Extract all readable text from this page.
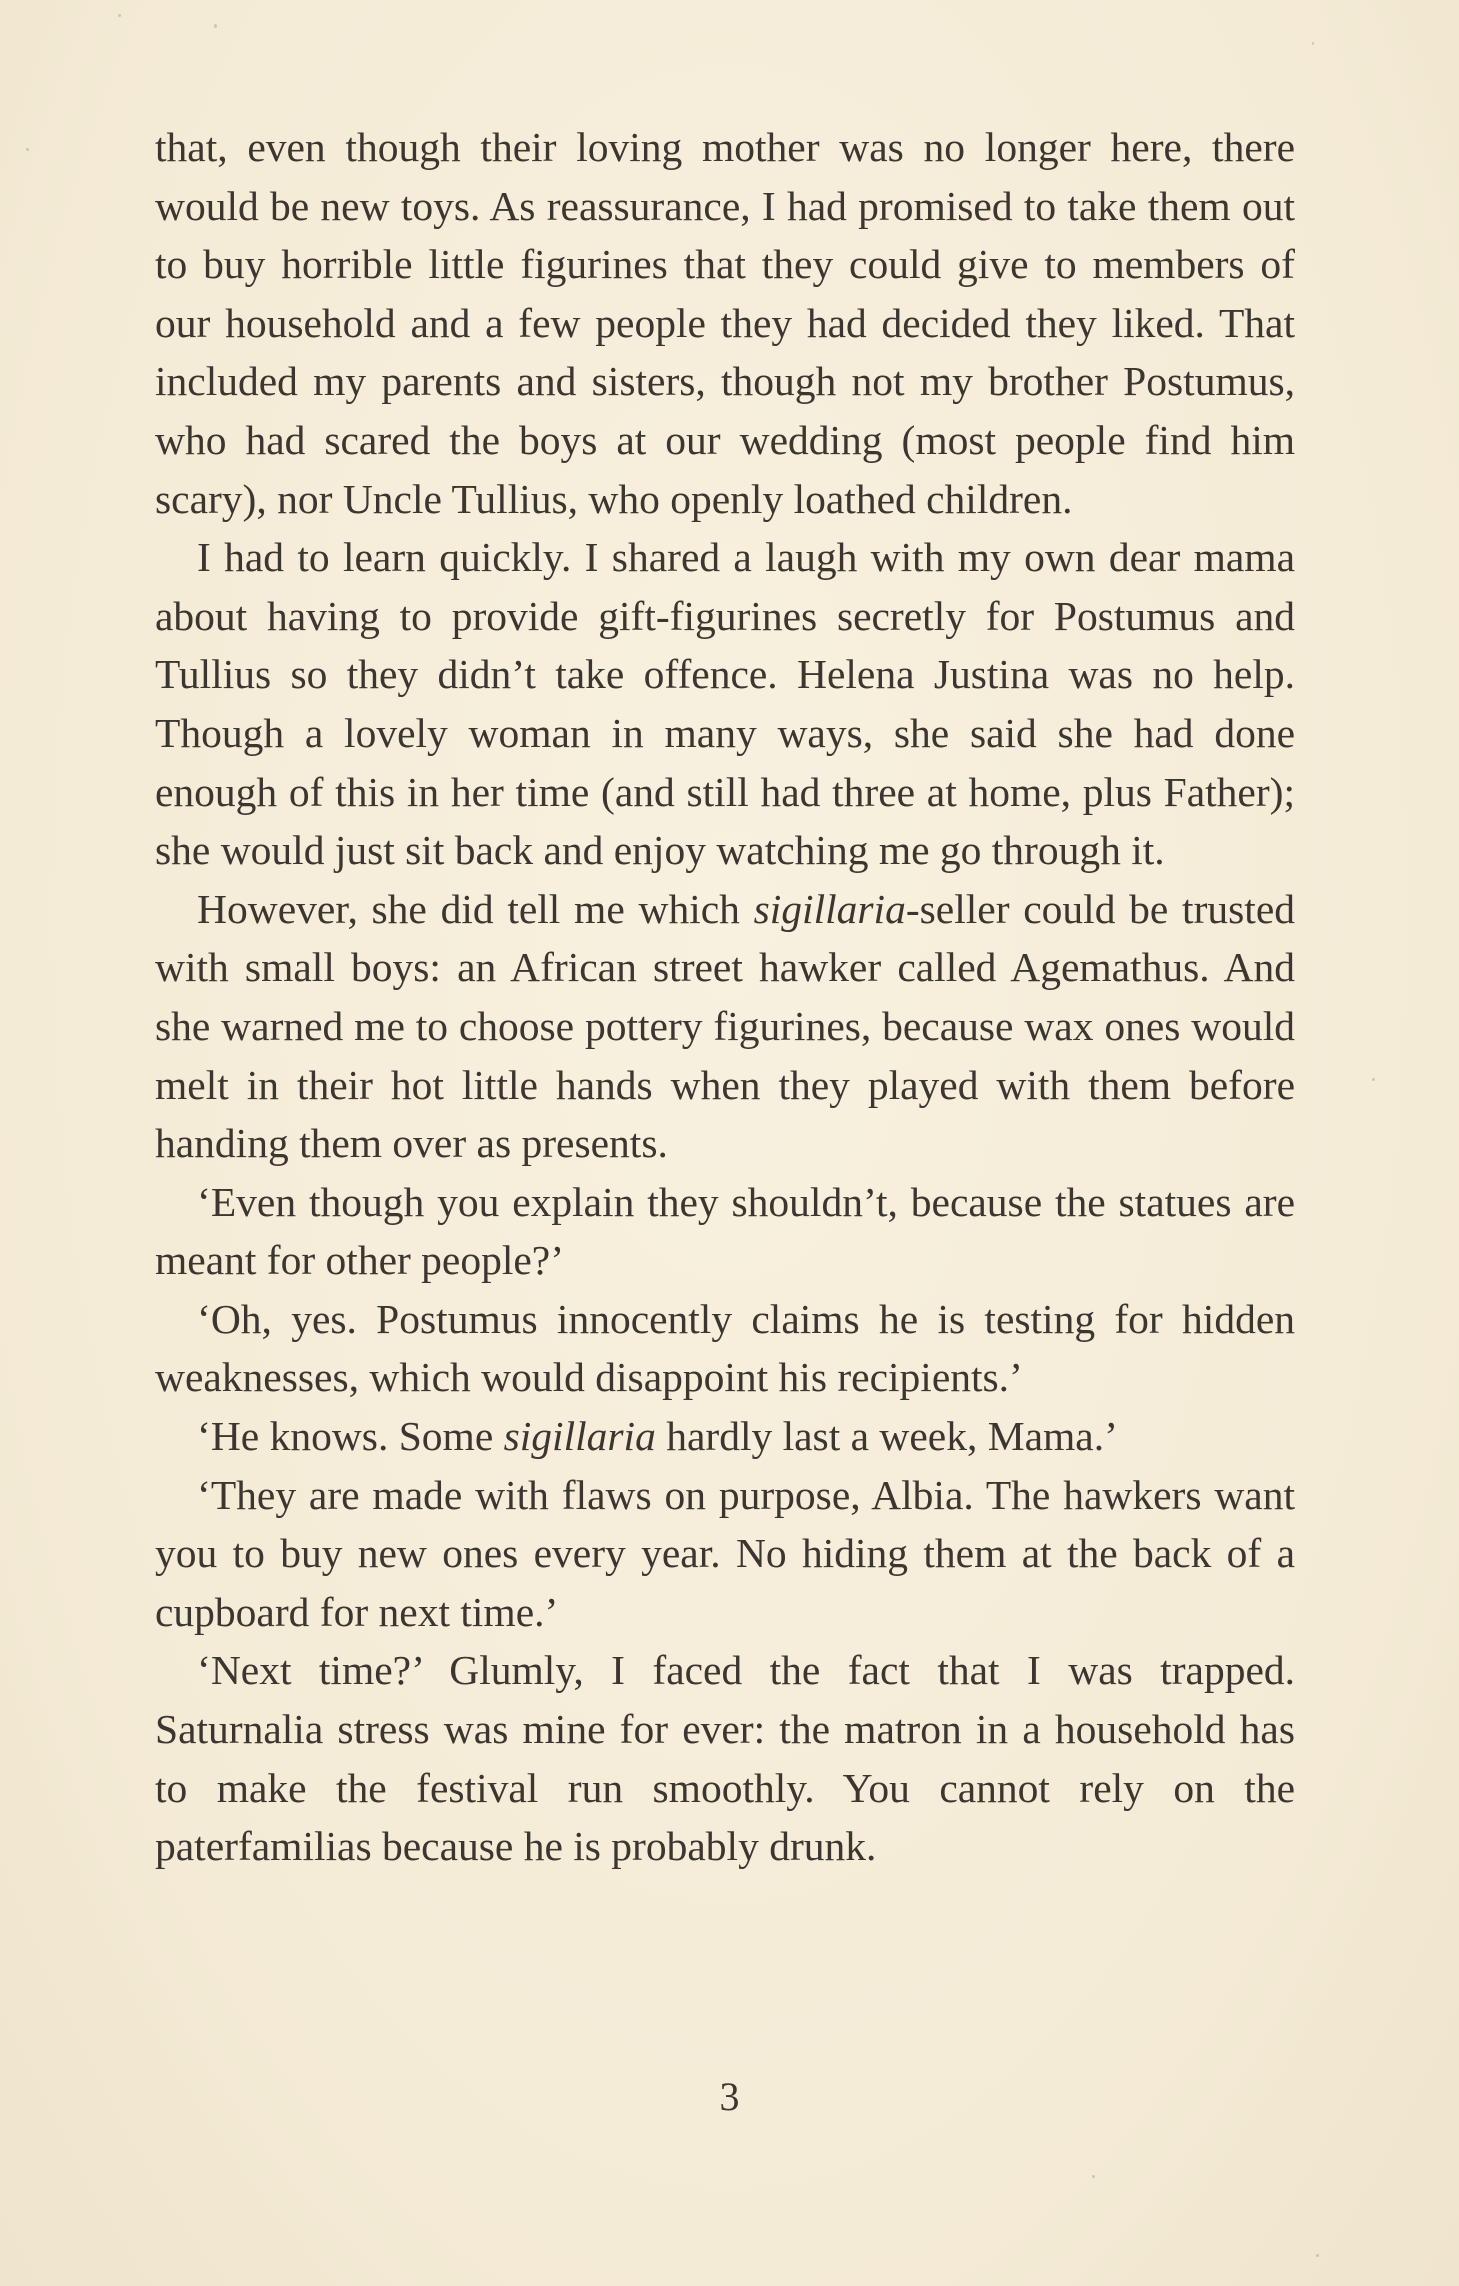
that, even though their loving mother was no longer here, there would be new toys. As reassurance, I had promised to take them out to buy horrible little figurines that they could give to members of our household and a few people they had decided they liked. That included my parents and sisters, though not my brother Postumus, who had scared the boys at our wedding (most people find him scary), nor Uncle Tullius, who openly loathed children.

I had to learn quickly. I shared a laugh with my own dear mama about having to provide gift-figurines secretly for Postumus and Tullius so they didn’t take offence. Helena Justina was no help. Though a lovely woman in many ways, she said she had done enough of this in her time (and still had three at home, plus Father); she would just sit back and enjoy watching me go through it.

However, she did tell me which sigillaria-seller could be trusted with small boys: an African street hawker called Agemathus. And she warned me to choose pottery figurines, because wax ones would melt in their hot little hands when they played with them before handing them over as presents.

‘Even though you explain they shouldn’t, because the statues are meant for other people?’

‘Oh, yes. Postumus innocently claims he is testing for hidden weaknesses, which would disappoint his recipients.’

‘He knows. Some sigillaria hardly last a week, Mama.’

‘They are made with flaws on purpose, Albia. The hawkers want you to buy new ones every year. No hiding them at the back of a cupboard for next time.’

‘Next time?’ Glumly, I faced the fact that I was trapped. Saturnalia stress was mine for ever: the matron in a household has to make the festival run smoothly. You cannot rely on the paterfamilias because he is probably drunk.

3
